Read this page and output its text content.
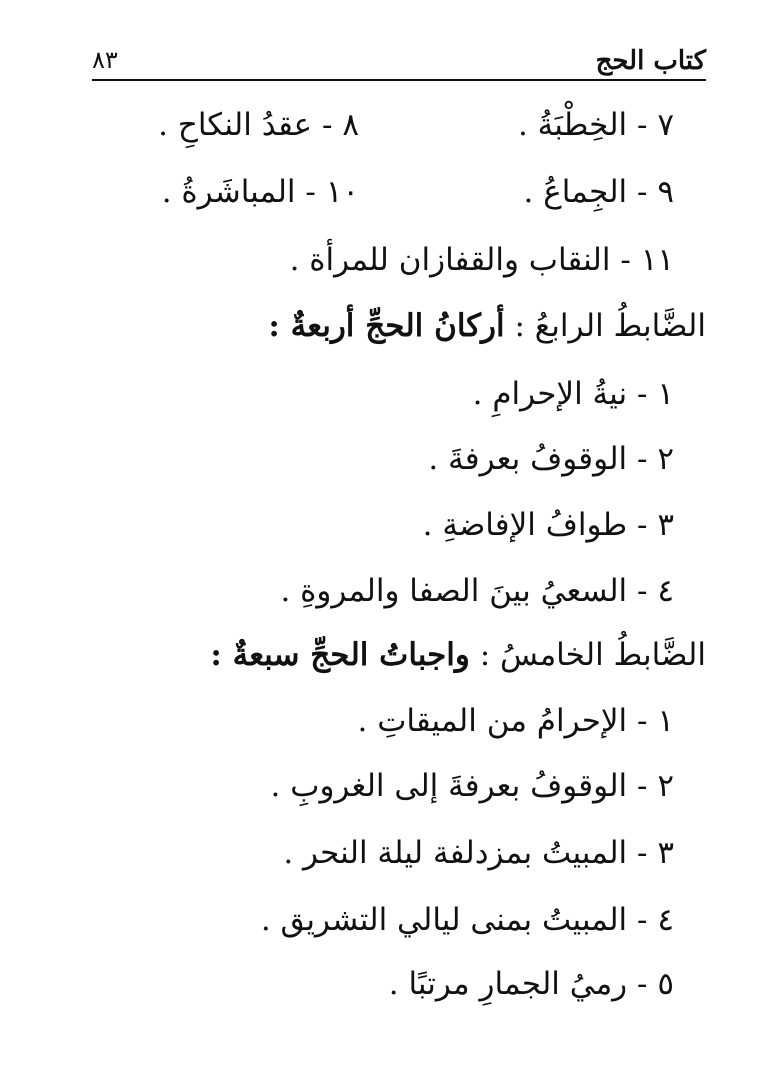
كتاب الحج
٨٣
٧ - الخِطْبَةُ .
٨ - عقدُ النكاحِ .
٩ - الجِماعُ .
١٠ - المباشَرةُ .
١١ - النقاب والقفازان للمرأة .
الضَّابطُ الرابعُ : أركانُ الحجِّ أربعةٌ :
١ - نيةُ الإحرامِ .
٢ - الوقوفُ بعرفةَ .
٣ - طوافُ الإفاضةِ .
٤ - السعيُ بينَ الصفا والمروةِ .
الضَّابطُ الخامسُ : واجباتُ الحجِّ سبعةٌ :
١ - الإحرامُ من الميقاتِ .
٢ - الوقوفُ بعرفةَ إلى الغروبِ .
٣ - المبيتُ بمزدلفة ليلة النحر .
٤ - المبيتُ بمنى ليالي التشريق .
٥ - رميُ الجمارِ مرتبًا .
